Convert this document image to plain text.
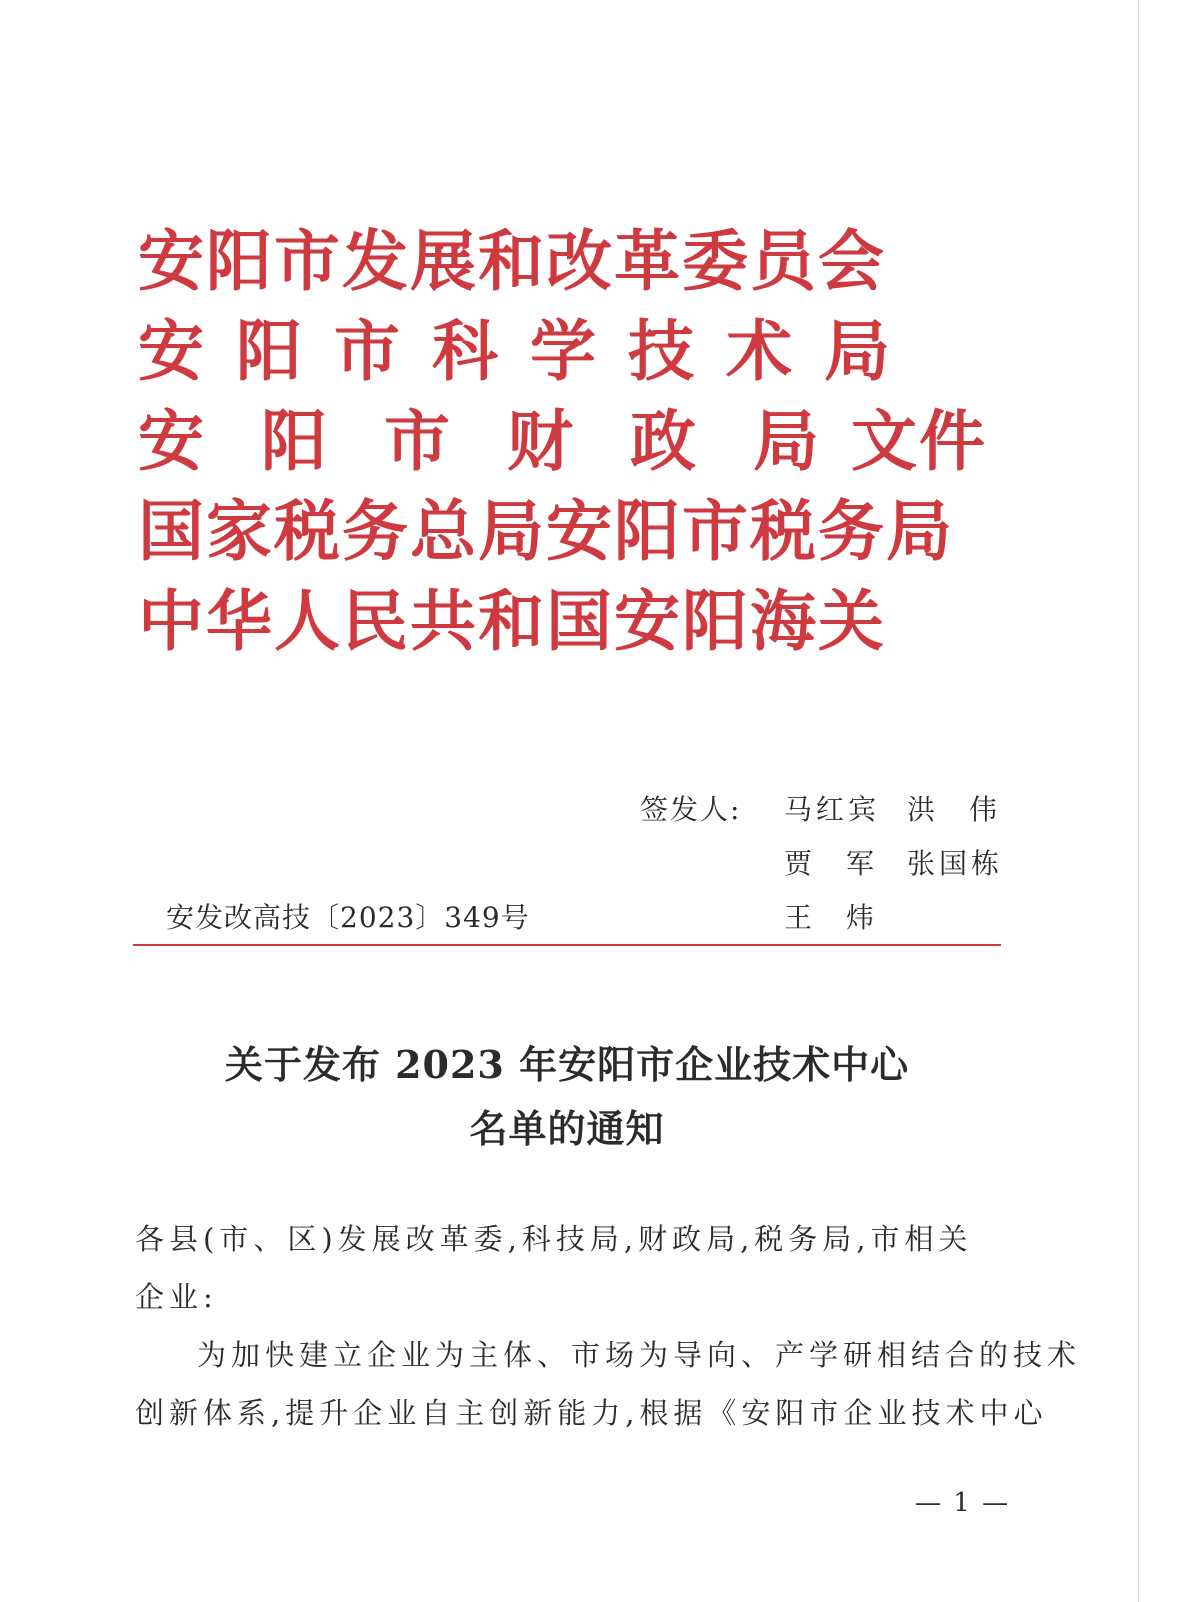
安阳市发展和改革委员会
安阳市科学技术局
安阳市财政局
文件
国家税务总局安阳市税务局
中华人民共和国安阳海关
签发人: 马红宾 洪伟
贾军
张国栋
王炜
安发改高技〔2023〕349号
关于发布 2023 年安阳市企业技术中心
名单的通知
各县(市、区)发展改革委,科技局,财政局,税务局,市相关
企业:
为加快建立企业为主体、市场为导向、产学研相结合的技术
创新体系,提升企业自主创新能力,根据《安阳市企业技术中心
— 1 —
